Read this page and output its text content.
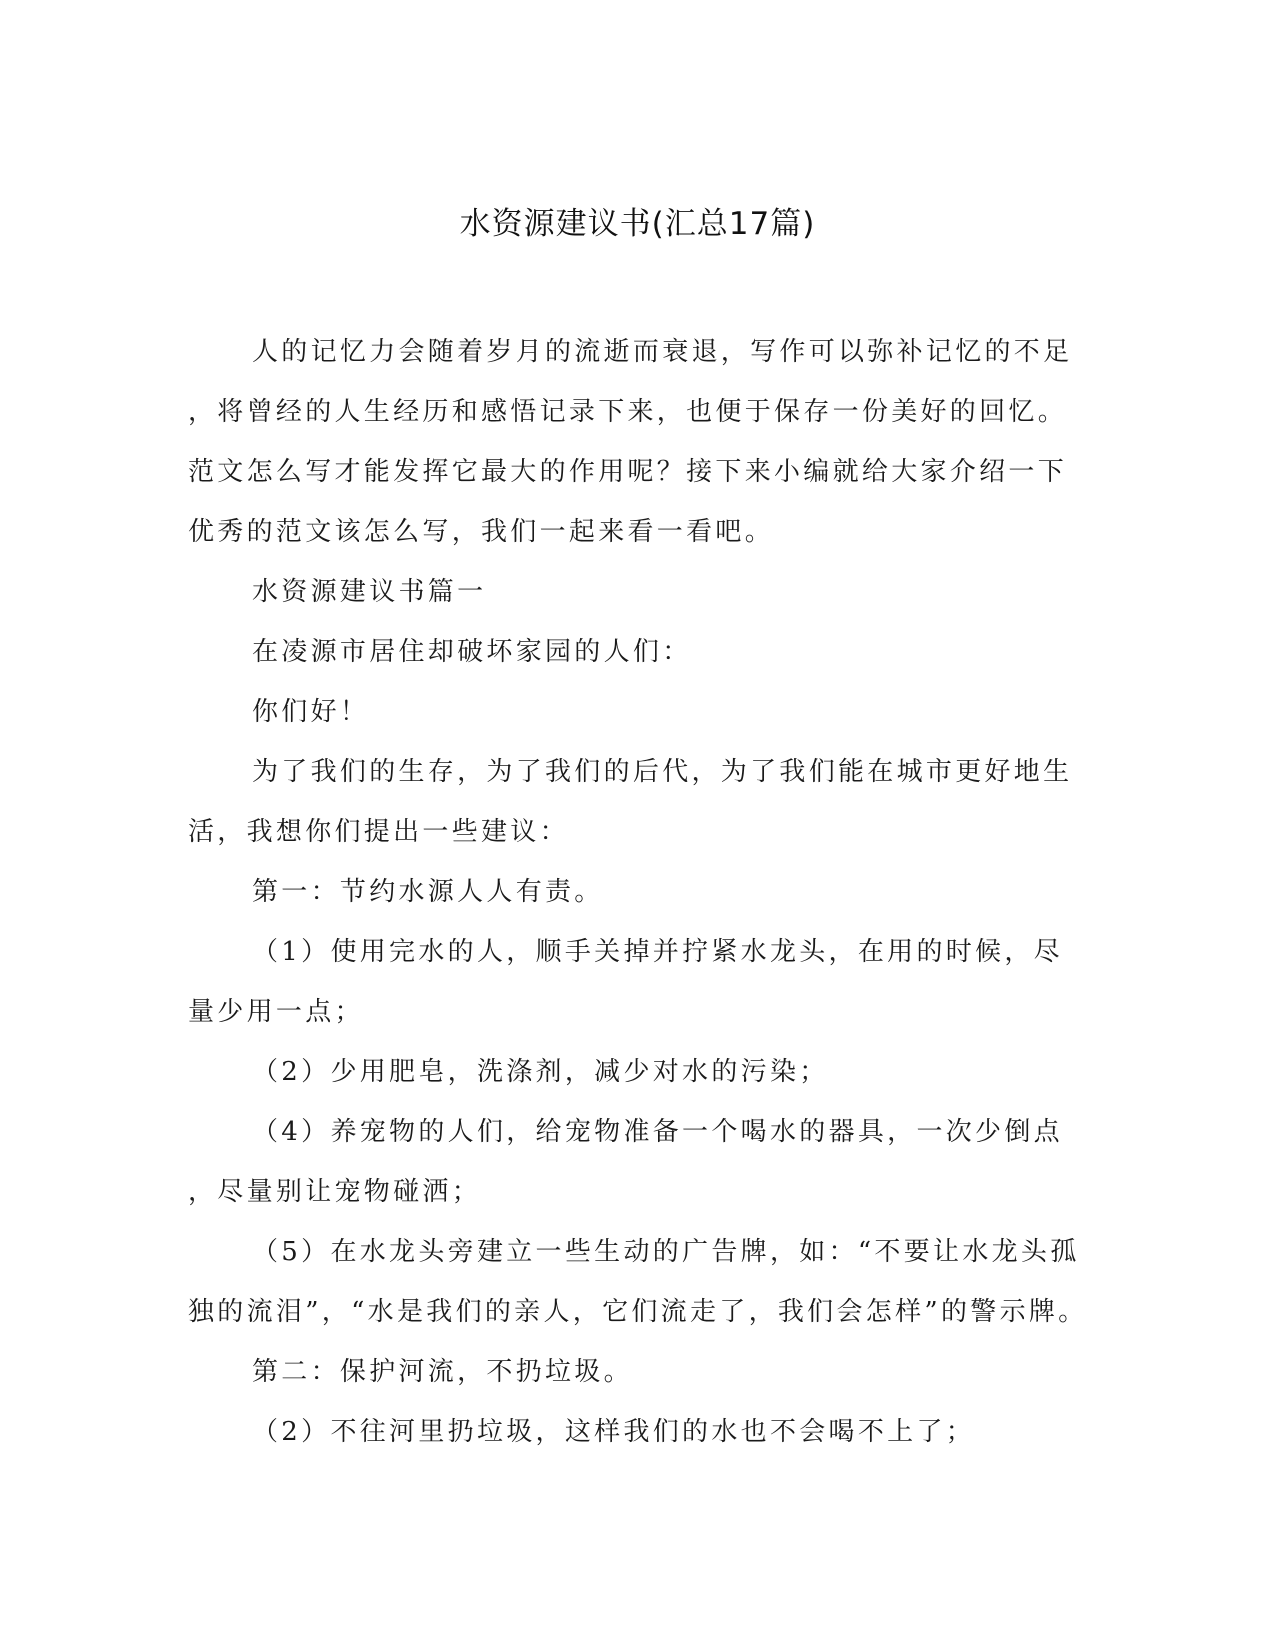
水资源建议书(汇总17篇)
人的记忆力会随着岁月的流逝而衰退，写作可以弥补记忆的不足
，将曾经的人生经历和感悟记录下来，也便于保存一份美好的回忆。
范文怎么写才能发挥它最大的作用呢？接下来小编就给大家介绍一下
优秀的范文该怎么写，我们一起来看一看吧。
水资源建议书篇一
在凌源市居住却破坏家园的人们：
你们好！
为了我们的生存，为了我们的后代，为了我们能在城市更好地生
活，我想你们提出一些建议：
第一：节约水源人人有责。
（1）使用完水的人，顺手关掉并拧紧水龙头，在用的时候，尽
量少用一点；
（2）少用肥皂，洗涤剂，减少对水的污染；
（4）养宠物的人们，给宠物准备一个喝水的器具，一次少倒点
，尽量别让宠物碰洒；
（5）在水龙头旁建立一些生动的广告牌，如：“不要让水龙头孤
独的流泪”，“水是我们的亲人，它们流走了，我们会怎样”的警示牌。
第二：保护河流，不扔垃圾。
（2）不往河里扔垃圾，这样我们的水也不会喝不上了；
